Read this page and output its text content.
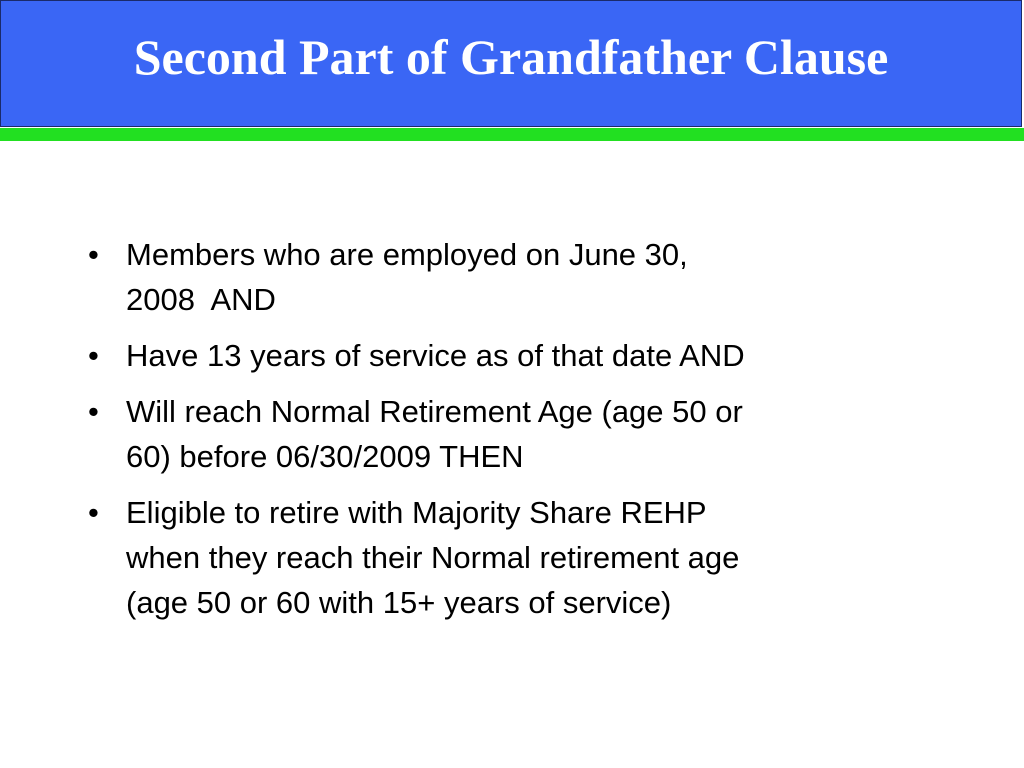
Second Part of Grandfather Clause
• Members who are employed on June 30,
2008  AND
• Have 13 years of service as of that date AND
• Will reach Normal Retirement Age (age 50 or
60) before 06/30/2009 THEN
• Eligible to retire with Majority Share REHP
when they reach their Normal retirement age
(age 50 or 60 with 15+ years of service)
